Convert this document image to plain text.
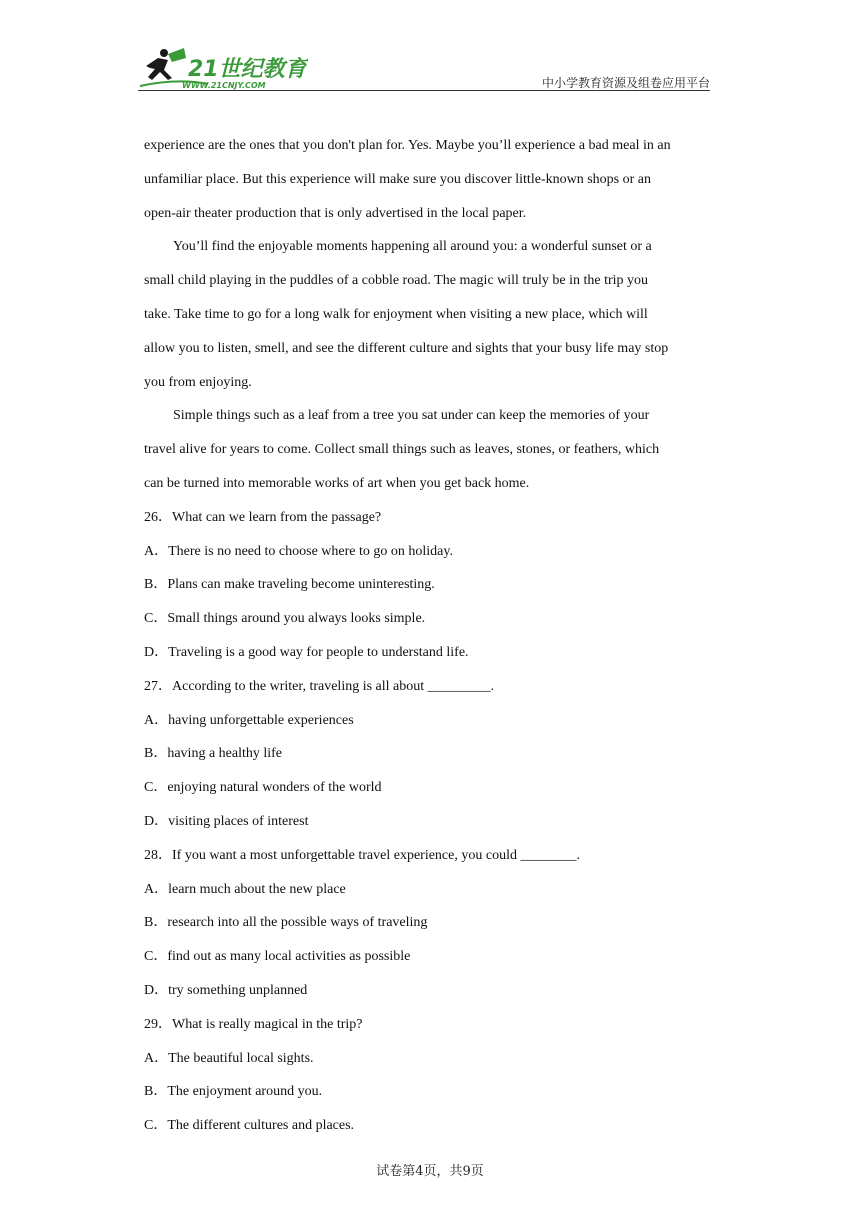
21世纪教育
WWW.21CNJY.COM	中小学教育资源及组卷应用平台
experience are the ones that you don't plan for. Yes. Maybe you’ll experience a bad meal in an
unfamiliar place. But this experience will make sure you discover little-known shops or an
open-air theater production that is only advertised in the local paper.
You’ll find the enjoyable moments happening all around you: a wonderful sunset or a
small child playing in the puddles of a cobble road. The magic will truly be in the trip you
take. Take time to go for a long walk for enjoyment when visiting a new place, which will
allow you to listen, smell, and see the different culture and sights that your busy life may stop
you from enjoying.
Simple things such as a leaf from a tree you sat under can keep the memories of your
travel alive for years to come. Collect small things such as leaves, stones, or feathers, which
can be turned into memorable works of art when you get back home.
26．What can we learn from the passage?
A．There is no need to choose where to go on holiday.
B．Plans can make traveling become uninteresting.
C．Small things around you always looks simple.
D．Traveling is a good way for people to understand life.
27．According to the writer, traveling is all about _________.
A．having unforgettable experiences
B．having a healthy life
C．enjoying natural wonders of the world
D．visiting places of interest
28．If you want a most unforgettable travel experience, you could ________.
A．learn much about the new place
B．research into all the possible ways of traveling
C．find out as many local activities as possible
D．try something unplanned
29．What is really magical in the trip?
A．The beautiful local sights.
B．The enjoyment around you.
C．The different cultures and places.
试卷第4页，共9页
